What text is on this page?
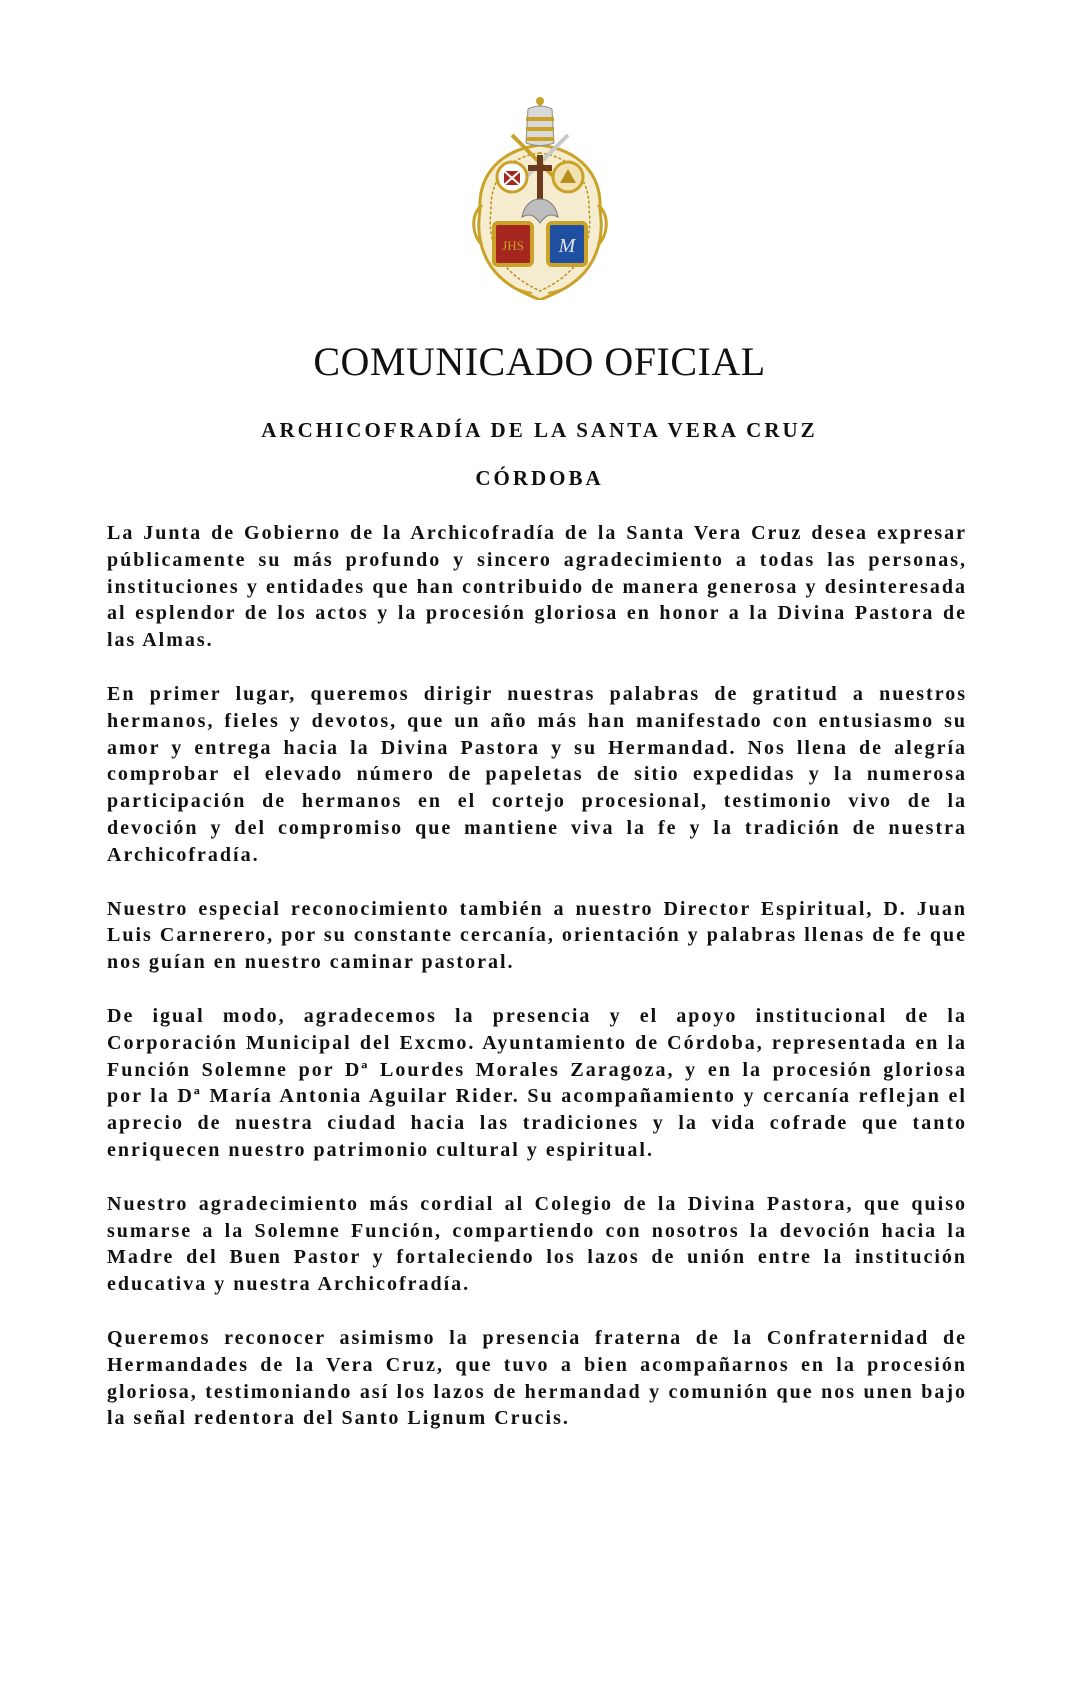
JHS M
COMUNICADO OFICIAL
ARCHICOFRADÍA DE LA SANTA VERA CRUZ
CÓRDOBA

La Junta de Gobierno de la Archicofradía de la Santa Vera Cruz desea expresar públicamente su más profundo y sincero agradecimiento a todas las personas, instituciones y entidades que han contribuido de manera generosa y desinteresada al esplendor de los actos y la procesión gloriosa en honor a la Divina Pastora de las Almas.

En primer lugar, queremos dirigir nuestras palabras de gratitud a nuestros hermanos, fieles y devotos, que un año más han manifestado con entusiasmo su amor y entrega hacia la Divina Pastora y su Hermandad. Nos llena de alegría comprobar el elevado número de papeletas de sitio expedidas y la numerosa participación de hermanos en el cortejo procesional, testimonio vivo de la devoción y del compromiso que mantiene viva la fe y la tradición de nuestra Archicofradía.

Nuestro especial reconocimiento también a nuestro Director Espiritual, D. Juan Luis Carnerero, por su constante cercanía, orientación y palabras llenas de fe que nos guían en nuestro caminar pastoral.

De igual modo, agradecemos la presencia y el apoyo institucional de la Corporación Municipal del Excmo. Ayuntamiento de Córdoba, representada en la Función Solemne por Dª Lourdes Morales Zaragoza, y en la procesión gloriosa por la Dª María Antonia Aguilar Rider. Su acompañamiento y cercanía reflejan el aprecio de nuestra ciudad hacia las tradiciones y la vida cofrade que tanto enriquecen nuestro patrimonio cultural y espiritual.

Nuestro agradecimiento más cordial al Colegio de la Divina Pastora, que quiso sumarse a la Solemne Función, compartiendo con nosotros la devoción hacia la Madre del Buen Pastor y fortaleciendo los lazos de unión entre la institución educativa y nuestra Archicofradía.

Queremos reconocer asimismo la presencia fraterna de la Confraternidad de Hermandades de la Vera Cruz, que tuvo a bien acompañarnos en la procesión gloriosa, testimoniando así los lazos de hermandad y comunión que nos unen bajo la señal redentora del Santo Lignum Crucis.
